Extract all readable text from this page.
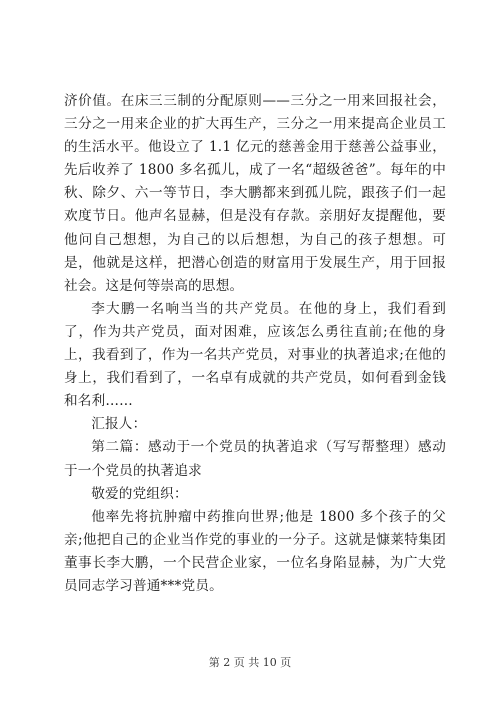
济价值。在床三三制的分配原则——三分之一用来回报社会，三分之一用来企业的扩大再生产，三分之一用来提高企业员工的生活水平。他设立了 1.1 亿元的慈善金用于慈善公益事业，先后收养了 1800 多名孤儿，成了一名“超级爸爸”。每年的中秋、除夕、六一等节日，李大鹏都来到孤儿院，跟孩子们一起欢度节日。他声名显赫，但是没有存款。亲朋好友提醒他，要他问自己想想，为自己的以后想想，为自己的孩子想想。可是，他就是这样，把潜心创造的财富用于发展生产，用于回报社会。这是何等崇高的思想。

李大鹏一名响当当的共产党员。在他的身上，我们看到了，作为共产党员，面对困难，应该怎么勇往直前;在他的身上，我看到了，作为一名共产党员，对事业的执著追求;在他的身上，我们看到了，一名卓有成就的共产党员，如何看到金钱和名利……

汇报人：

第二篇：感动于一个党员的执著追求（写写帮整理）感动于一个党员的执著追求

敬爱的党组织：

他率先将抗肿瘤中药推向世界;他是 1800 多个孩子的父亲;他把自己的企业当作党的事业的一分子。这就是慷莱特集团董事长李大鹏，一个民营企业家，一位名身陷显赫，为广大党员同志学习普通***党员。

第 2 页 共 10 页
